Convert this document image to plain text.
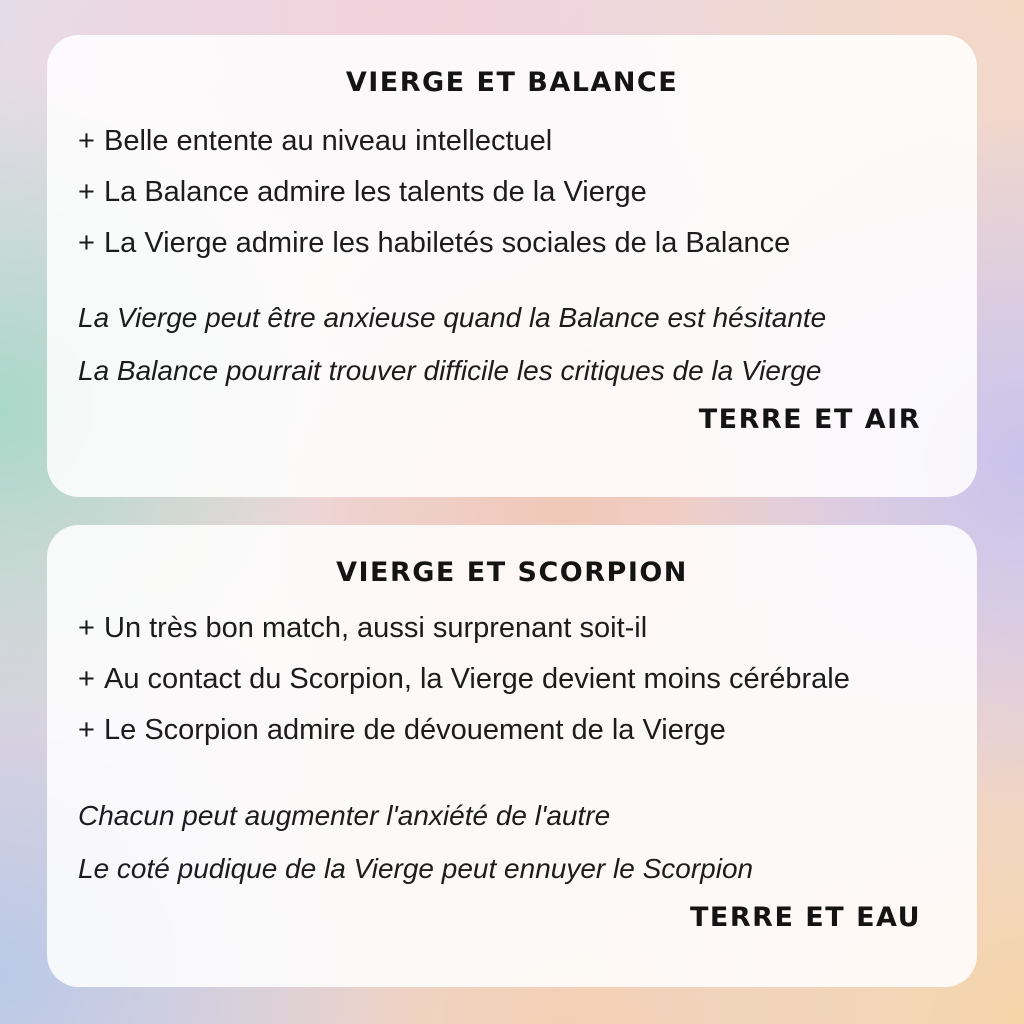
VIERGE ET BALANCE
+ Belle entente au niveau intellectuel
+ La Balance admire les talents de la Vierge
+ La Vierge admire les habiletés sociales de la Balance

La Vierge peut être anxieuse quand la Balance est hésitante

La Balance pourrait trouver difficile les critiques de la Vierge

TERRE ET AIR
VIERGE ET SCORPION
+ Un très bon match, aussi surprenant soit-il
+ Au contact du Scorpion, la Vierge devient moins cérébrale
+ Le Scorpion admire de dévouement de la Vierge

Chacun peut augmenter l'anxiété de l'autre

Le coté pudique de la Vierge peut ennuyer le Scorpion

TERRE ET EAU
